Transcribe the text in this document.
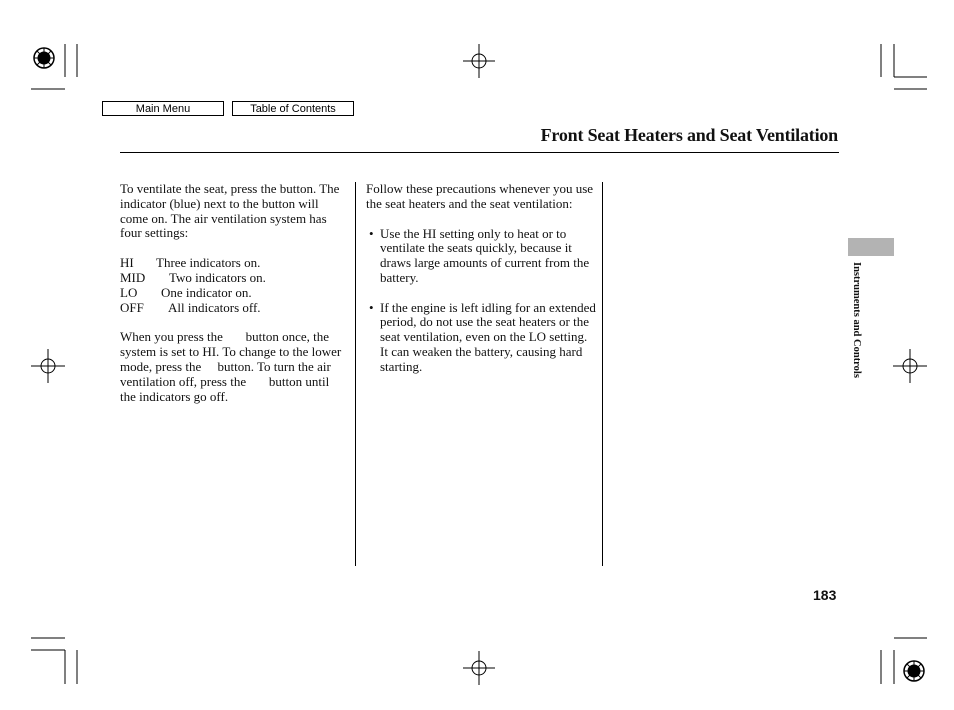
Main Menu	Table of Contents
Front Seat Heaters and Seat Ventilation

To ventilate the seat, press the button. The indicator (blue) next to the button will come on. The air ventilation system has four settings:

HI	Three indicators on.
MID	Two indicators on.
LO	One indicator on.
OFF	All indicators off.

When you press the button once, the system is set to HI. To change to the lower mode, press the button. To turn the air ventilation off, press the button until the indicators go off.

Follow these precautions whenever you use the seat heaters and the seat ventilation:

• Use the HI setting only to heat or to ventilate the seats quickly, because it draws large amounts of current from the battery.
• If the engine is left idling for an extended period, do not use the seat heaters or the seat ventilation, even on the LO setting. It can weaken the battery, causing hard starting.	Instruments and Controls
183
